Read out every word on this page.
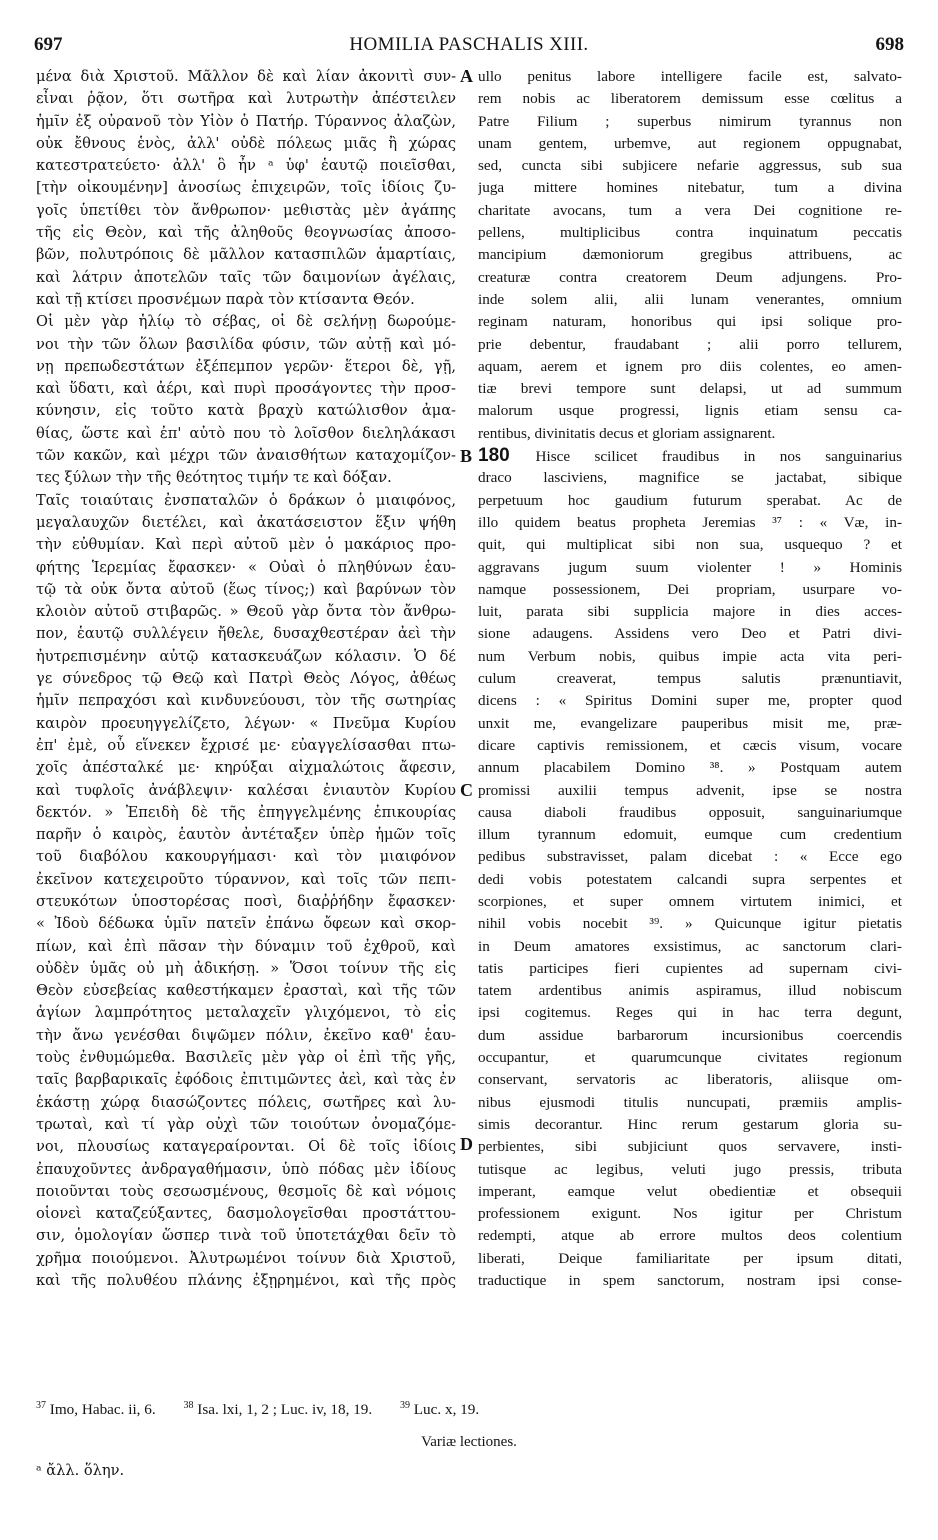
697	HOMILIA PASCHALIS XIII.	698
μένα διὰ Χριστοῦ. Μᾶλλον δὲ καὶ λίαν ἀκονιτὶ συν-
εἶναι ῥᾷον, ὅτι σωτῆρα καὶ λυτρωτὴν ἀπέστειλεν
ἡμῖν ἐξ οὐρανοῦ τὸν Υἱὸν ὁ Πατήρ. Τύραννος ἀλαζὼν,
οὐκ ἔθνους ἑνὸς, ἀλλ' οὐδὲ πόλεως μιᾶς ἢ χώρας
κατεστρατεύετο· ἀλλ' ὃ ἦν ᵃ ὑφ' ἑαυτῷ ποιεῖσθαι,
[τὴν οἰκουμένην] ἀνοσίως ἐπιχειρῶν, τοῖς ἰδίοις ζυ-
γοῖς ὑπετίθει τὸν ἄνθρωπον· μεθιστὰς μὲν ἀγάπης
τῆς εἰς Θεὸν, καὶ τῆς ἀληθοῦς θεογνωσίας ἀποσο-
βῶν, πολυτρόποις δὲ μᾶλλον κατασπιλῶν ἁμαρτίαις,
καὶ λάτριν ἀποτελῶν ταῖς τῶν δαιμονίων ἀγέλαις,
καὶ τῇ κτίσει προσνέμων παρὰ τὸν κτίσαντα Θεόν.
Οἱ μὲν γὰρ ἡλίῳ τὸ σέβας, οἱ δὲ σελήνῃ δωρούμε-
νοι τὴν τῶν ὅλων βασιλίδα φύσιν, τῶν αὐτῇ καὶ μό-
νῃ πρεπωδεστάτων ἐξέπεμπον γερῶν· ἕτεροι δὲ, γῇ,
καὶ ὕδατι, καὶ ἀέρι, καὶ πυρὶ προσάγοντες τὴν προσ-
κύνησιν, εἰς τοῦτο κατὰ βραχὺ κατώλισθον ἀμα-
θίας, ὥστε καὶ ἐπ' αὐτὸ που τὸ λοῖσθον διεληλάκασι
τῶν κακῶν, καὶ μέχρι τῶν ἀναισθήτων καταχομίζον-
τες ξύλων τὴν τῆς θεότητος τιμήν τε καὶ δόξαν.
Ταῖς τοιαύταις ἐνσπαταλῶν ὁ δράκων ὁ μιαιφόνος,
μεγαλαυχῶν διετέλει, καὶ ἀκατάσειστον ἕξιν ψήθη
τὴν εὐθυμίαν. Καὶ περὶ αὐτοῦ μὲν ὁ μακάριος προ-
φήτης Ἱερεμίας ἔφασκεν· « Οὐαὶ ὁ πληθύνων ἑαυ-
τῷ τὰ οὐκ ὄντα αὐτοῦ (ἕως τίνος;) καὶ βαρύνων τὸν
κλοιὸν αὐτοῦ στιβαρῶς. » Θεοῦ γὰρ ὄντα τὸν ἄνθρω-
πον, ἑαυτῷ συλλέγειν ἤθελε, δυσαχθεστέραν ἀεὶ τὴν
ἠυτρεπισμένην αὐτῷ κατασκευάζων κόλασιν. Ὁ δέ
γε σύνεδρος τῷ Θεῷ καὶ Πατρὶ Θεὸς Λόγος, ἀθέως
ἡμῖν πεπραχόσι καὶ κινδυνεύουσι, τὸν τῆς σωτηρίας
καιρὸν προευηγγελίζετο, λέγων· « Πνεῦμα Κυρίου
ἐπ' ἐμὲ, οὗ εἵνεκεν ἔχρισέ με· εὐαγγελίσασθαι πτω-
χοῖς ἀπέσταλκέ με· κηρύξαι αἰχμαλώτοις ἄφεσιν,
καὶ τυφλοῖς ἀνάβλεψιν· καλέσαι ἐνιαυτὸν Κυρίου
δεκτόν. » Ἐπειδὴ δὲ τῆς ἐπηγγελμένης ἐπικουρίας
παρῆν ὁ καιρὸς, ἑαυτὸν ἀντέταξεν ὑπὲρ ἡμῶν τοῖς
τοῦ διαβόλου κακουργήμασι· καὶ τὸν μιαιφόνον
ἐκεῖνον κατεχειροῦτο τύραννον, καὶ τοῖς τῶν πεπι-
στευκότων ὑποστορέσας ποσὶ, διαῤῥήδην ἔφασκεν·
« Ἰδοὺ δέδωκα ὑμῖν πατεῖν ἐπάνω ὄφεων καὶ σκορ-
πίων, καὶ ἐπὶ πᾶσαν τὴν δύναμιν τοῦ ἐχθροῦ, καὶ
οὐδὲν ὑμᾶς οὐ μὴ ἀδικήσῃ. » Ὅσοι τοίνυν τῆς εἰς
Θεὸν εὐσεβείας καθεστήκαμεν ἐρασταὶ, καὶ τῆς τῶν
ἁγίων λαμπρότητος μεταλαχεῖν γλιχόμενοι, τὸ εἰς
τὴν ἄνω γενέσθαι διψῶμεν πόλιν, ἐκεῖνο καθ' ἑαυ-
τοὺς ἐνθυμώμεθα. Βασιλεῖς μὲν γὰρ οἱ ἐπὶ τῆς γῆς,
ταῖς βαρβαρικαῖς ἐφόδοις ἐπιτιμῶντες ἀεὶ, καὶ τὰς ἐν
ἑκάστῃ χώρᾳ διασώζοντες πόλεις, σωτῆρες καὶ λυ-
τρωταὶ, καὶ τί γὰρ οὐχὶ τῶν τοιούτων ὀνομαζόμε-
νοι, πλουσίως καταγεραίρονται. Οἱ δὲ τοῖς ἰδίοις
ἐπαυχοῦντες ἀνδραγαθήμασιν, ὑπὸ πόδας μὲν ἰδίους
ποιοῦνται τοὺς σεσωσμένους, θεσμοῖς δὲ καὶ νόμοις
οἱονεὶ καταζεύξαντες, δασμολογεῖσθαι προστάττου-
σιν, ὁμολογίαν ὥσπερ τινὰ τοῦ ὑποτετάχθαι δεῖν τὸ
χρῆμα ποιούμενοι. Ἀλυτρωμένοι τοίνυν διὰ Χριστοῦ,
καὶ τῆς πολυθέου πλάνης ἐξῃρημένοι, καὶ τῆς πρὸς
ullo penitus labore intelligere facile est, salvato-
rem nobis ac liberatorem demissum esse cœlitus a
Patre Filium ; superbus nimirum tyrannus non
unam gentem, urbemve, aut regionem oppugnabat,
sed, cuncta sibi subjicere nefarie aggressus, sub sua
juga mittere homines nitebatur, tum a divina
charitate avocans, tum a vera Dei cognitione re-
pellens, multiplicibus contra inquinatum peccatis
mancipium dæmoniorum gregibus attribuens, ac
creaturæ contra creatorem Deum adjungens. Pro-
inde solem alii, alii lunam venerantes, omnium
reginam naturam, honoribus qui ipsi solique pro-
prie debentur, fraudabant ; alii porro tellurem,
aquam, aerem et ignem pro diis colentes, eo amen-
tiæ brevi tempore sunt delapsi, ut ad summum
malorum usque progressi, lignis etiam sensu ca-
rentibus, divinitatis decus et gloriam assignarent.
180 Hisce scilicet fraudibus in nos sanguinarius
draco lasciviens, magnifice se jactabat, sibique
perpetuum hoc gaudium futurum sperabat. Ac de
illo quidem beatus propheta Jeremias ³⁷ : « Væ, in-
quit, qui multiplicat sibi non sua, usquequo ? et
aggravans jugum suum violenter ! » Hominis
namque possessionem, Dei propriam, usurpare vo-
luit, parata sibi supplicia majore in dies acces-
sione adaugens. Assidens vero Deo et Patri divi-
num Verbum nobis, quibus impie acta vita peri-
culum creaverat, tempus salutis prænuntiavit,
dicens : « Spiritus Domini super me, propter quod
unxit me, evangelizare pauperibus misit me, præ-
dicare captivis remissionem, et cæcis visum, vocare
annum placabilem Domino ³⁸. » Postquam autem
promissi auxilii tempus advenit, ipse se nostra
causa diaboli fraudibus opposuit, sanguinariumque
illum tyrannum edomuit, eumque cum credentium
pedibus substravisset, palam dicebat : « Ecce ego
dedi vobis potestatem calcandi supra serpentes et
scorpiones, et super omnem virtutem inimici, et
nihil vobis nocebit ³⁹. » Quicunque igitur pietatis
in Deum amatores exsistimus, ac sanctorum clari-
tatis participes fieri cupientes ad supernam civi-
tatem ardentibus animis aspiramus, illud nobiscum
ipsi cogitemus. Reges qui in hac terra degunt,
dum assidue barbarorum incursionibus coercendis
occupantur, et quarumcunque civitates regionum
conservant, servatoris ac liberatoris, aliisque om-
nibus ejusmodi titulis nuncupati, præmiis amplis-
simis decorantur. Hinc rerum gestarum gloria su-
perbientes, sibi subjiciunt quos servavere, insti-
tutisque ac legibus, veluti jugo pressis, tributa
imperant, eamque velut obedientiæ et obsequii
professionem exigunt. Nos igitur per Christum
redempti, atque ab errore multos deos colentium
liberati, Deique familiaritate per ipsum ditati,
traductique in spem sanctorum, nostram ipsi conse-
A
B
C
D
$^{37}$ Imo, Habac. ii, 6.	$^{38}$ Isa. lxi, 1, 2 ; Luc. iv, 18, 19.	$^{39}$ Luc. x, 19.
Variæ lectiones.
ᵃ ἄλλ. ὅλην.
